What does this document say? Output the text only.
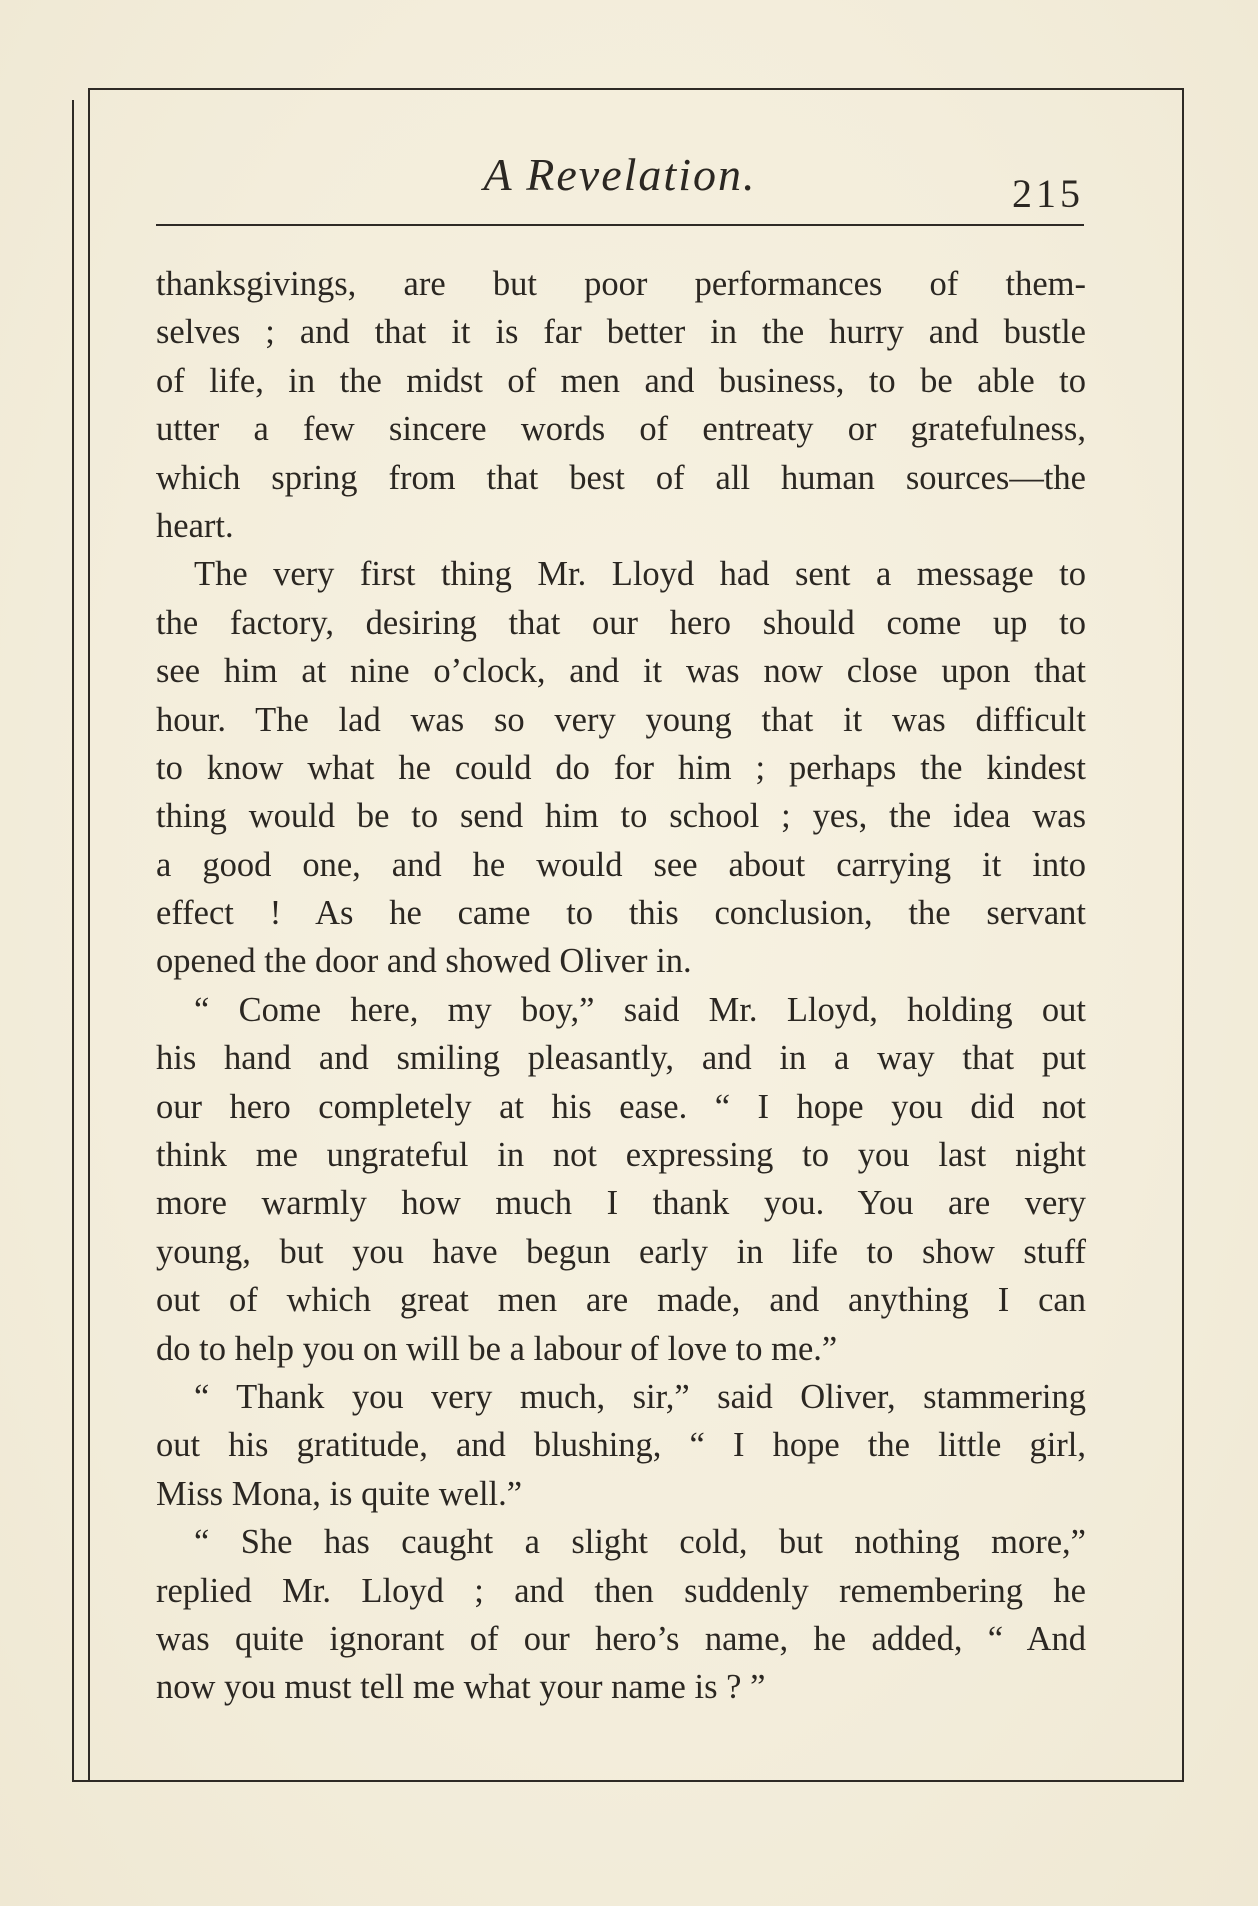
A Revelation.	215
thanksgivings, are but poor performances of them-
selves ; and that it is far better in the hurry and bustle
of life, in the midst of men and business, to be able to
utter a few sincere words of entreaty or gratefulness,
which spring from that best of all human sources—the
heart.
The very first thing Mr. Lloyd had sent a message to
the factory, desiring that our hero should come up to
see him at nine o’clock, and it was now close upon that
hour. The lad was so very young that it was difficult
to know what he could do for him ; perhaps the kindest
thing would be to send him to school ; yes, the idea was
a good one, and he would see about carrying it into
effect ! As he came to this conclusion, the servant
opened the door and showed Oliver in.
“ Come here, my boy,” said Mr. Lloyd, holding out
his hand and smiling pleasantly, and in a way that put
our hero completely at his ease. “ I hope you did not
think me ungrateful in not expressing to you last night
more warmly how much I thank you. You are very
young, but you have begun early in life to show stuff
out of which great men are made, and anything I can
do to help you on will be a labour of love to me.”
“ Thank you very much, sir,” said Oliver, stammering
out his gratitude, and blushing, “ I hope the little girl,
Miss Mona, is quite well.”
“ She has caught a slight cold, but nothing more,”
replied Mr. Lloyd ; and then suddenly remembering he
was quite ignorant of our hero’s name, he added, “ And
now you must tell me what your name is ? ”
